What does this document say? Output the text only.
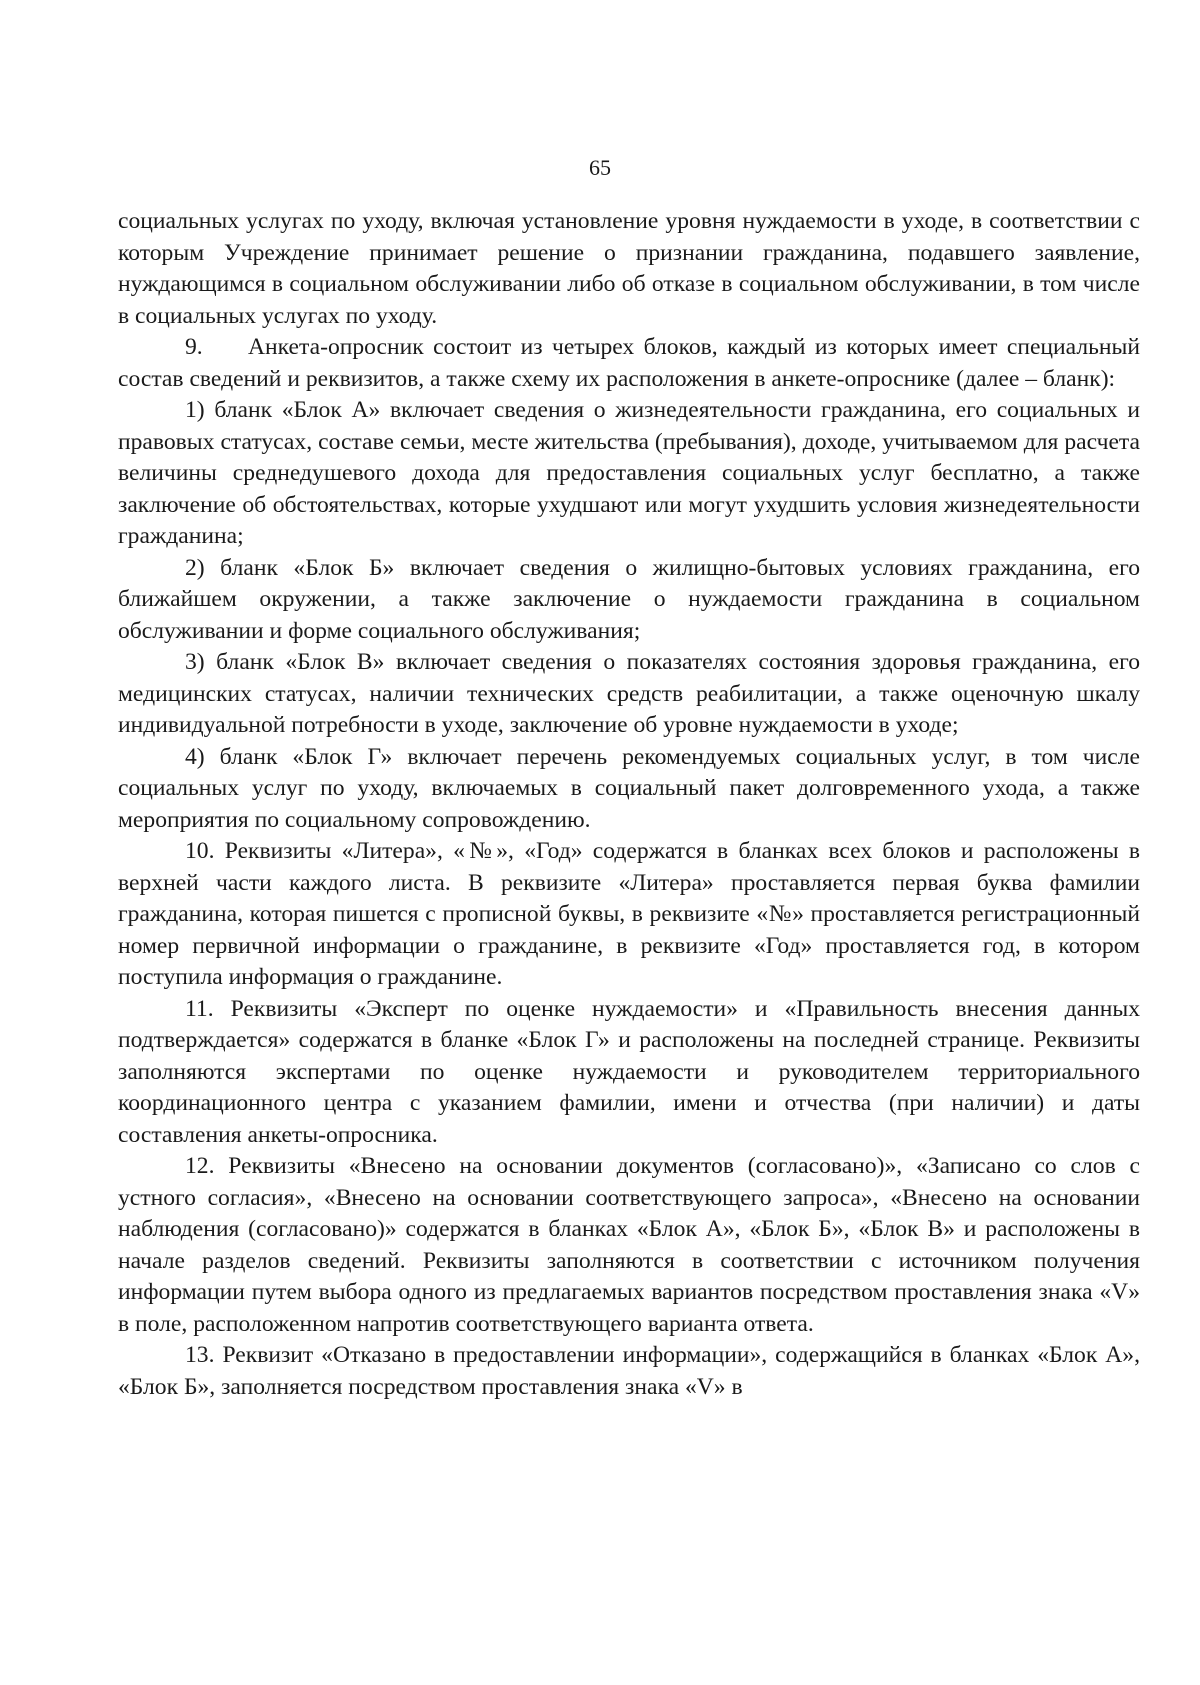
65

социальных услугах по уходу, включая установление уровня нуждаемости в уходе, в соответствии с которым Учреждение принимает решение о признании гражданина, подавшего заявление, нуждающимся в социальном обслуживании либо об отказе в социальном обслуживании, в том числе в социальных услугах по уходу.

9. Анкета-опросник состоит из четырех блоков, каждый из которых имеет специальный состав сведений и реквизитов, а также схему их расположения в анкете-опроснике (далее – бланк):

1) бланк «Блок А» включает сведения о жизнедеятельности гражданина, его социальных и правовых статусах, составе семьи, месте жительства (пребывания), доходе, учитываемом для расчета величины среднедушевого дохода для предоставления социальных услуг бесплатно, а также заключение об обстоятельствах, которые ухудшают или могут ухудшить условия жизнедеятельности гражданина;

2) бланк «Блок Б» включает сведения о жилищно-бытовых условиях гражданина, его ближайшем окружении, а также заключение о нуждаемости гражданина в социальном обслуживании и форме социального обслуживания;

3) бланк «Блок В» включает сведения о показателях состояния здоровья гражданина, его медицинских статусах, наличии технических средств реабилитации, а также оценочную шкалу индивидуальной потребности в уходе, заключение об уровне нуждаемости в уходе;

4) бланк «Блок Г» включает перечень рекомендуемых социальных услуг, в том числе социальных услуг по уходу, включаемых в социальный пакет долговременного ухода, а также мероприятия по социальному сопровождению.

10. Реквизиты «Литера», «№», «Год» содержатся в бланках всех блоков и расположены в верхней части каждого листа. В реквизите «Литера» проставляется первая буква фамилии гражданина, которая пишется с прописной буквы, в реквизите «№» проставляется регистрационный номер первичной информации о гражданине, в реквизите «Год» проставляется год, в котором поступила информация о гражданине.

11. Реквизиты «Эксперт по оценке нуждаемости» и «Правильность внесения данных подтверждается» содержатся в бланке «Блок Г» и расположены на последней странице. Реквизиты заполняются экспертами по оценке нуждаемости и руководителем территориального координационного центра с указанием фамилии, имени и отчества (при наличии) и даты составления анкеты-опросника.

12. Реквизиты «Внесено на основании документов (согласовано)», «Записано со слов с устного согласия», «Внесено на основании соответствующего запроса», «Внесено на основании наблюдения (согласовано)» содержатся в бланках «Блок А», «Блок Б», «Блок В» и расположены в начале разделов сведений. Реквизиты заполняются в соответствии с источником получения информации путем выбора одного из предлагаемых вариантов посредством проставления знака «V» в поле, расположенном напротив соответствующего варианта ответа.

13. Реквизит «Отказано в предоставлении информации», содержащийся в бланках «Блок А», «Блок Б», заполняется посредством проставления знака «V» в
